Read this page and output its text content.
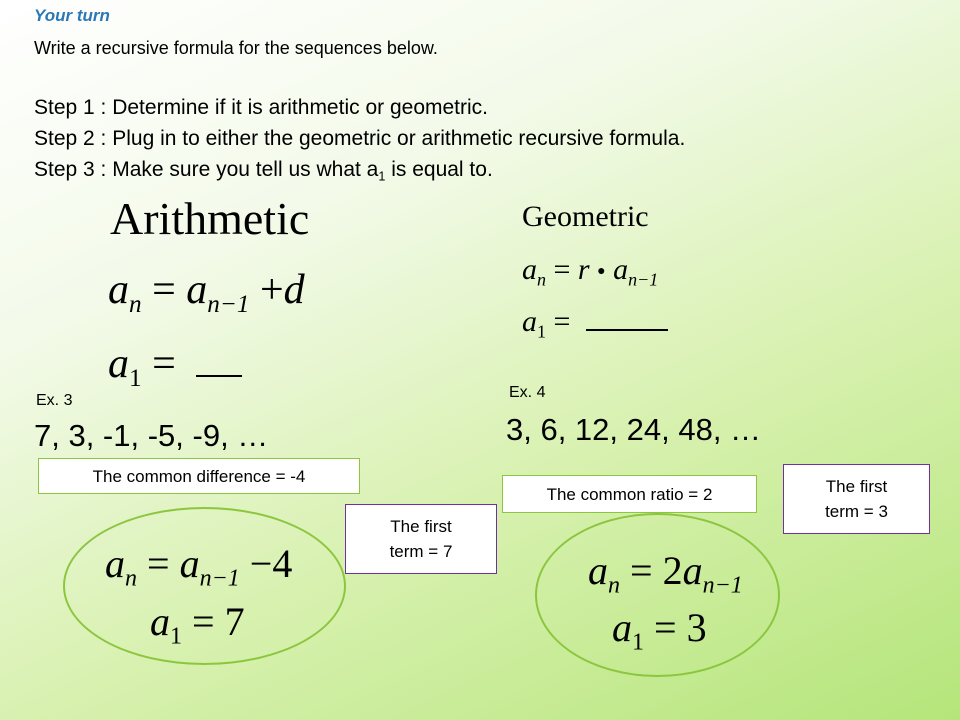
Your turn
Write a recursive formula for the sequences below.
Step 1 : Determine if it is arithmetic or geometric.
Step 2 : Plug in to either the geometric or arithmetic recursive formula.
Step 3 : Make sure you tell us what $a_1$ is equal to.
Arithmetic
$a_n = a_{n-1} +d$
$a_1$ =
Geometric
$a_n = r$ ● $a_{n-1}$
$a_1$ =
Ex. 3
7, 3, -1, -5, -9, …
The common difference = -4
The first
term = 7
$a_n = a_{n-1} -4$
$a_1 = 7$
Ex. 4
3, 6, 12, 24, 48, …
The common ratio = 2	The first
term = 3
$a_n = 2a_{n-1}$
$a_1 = 3$
